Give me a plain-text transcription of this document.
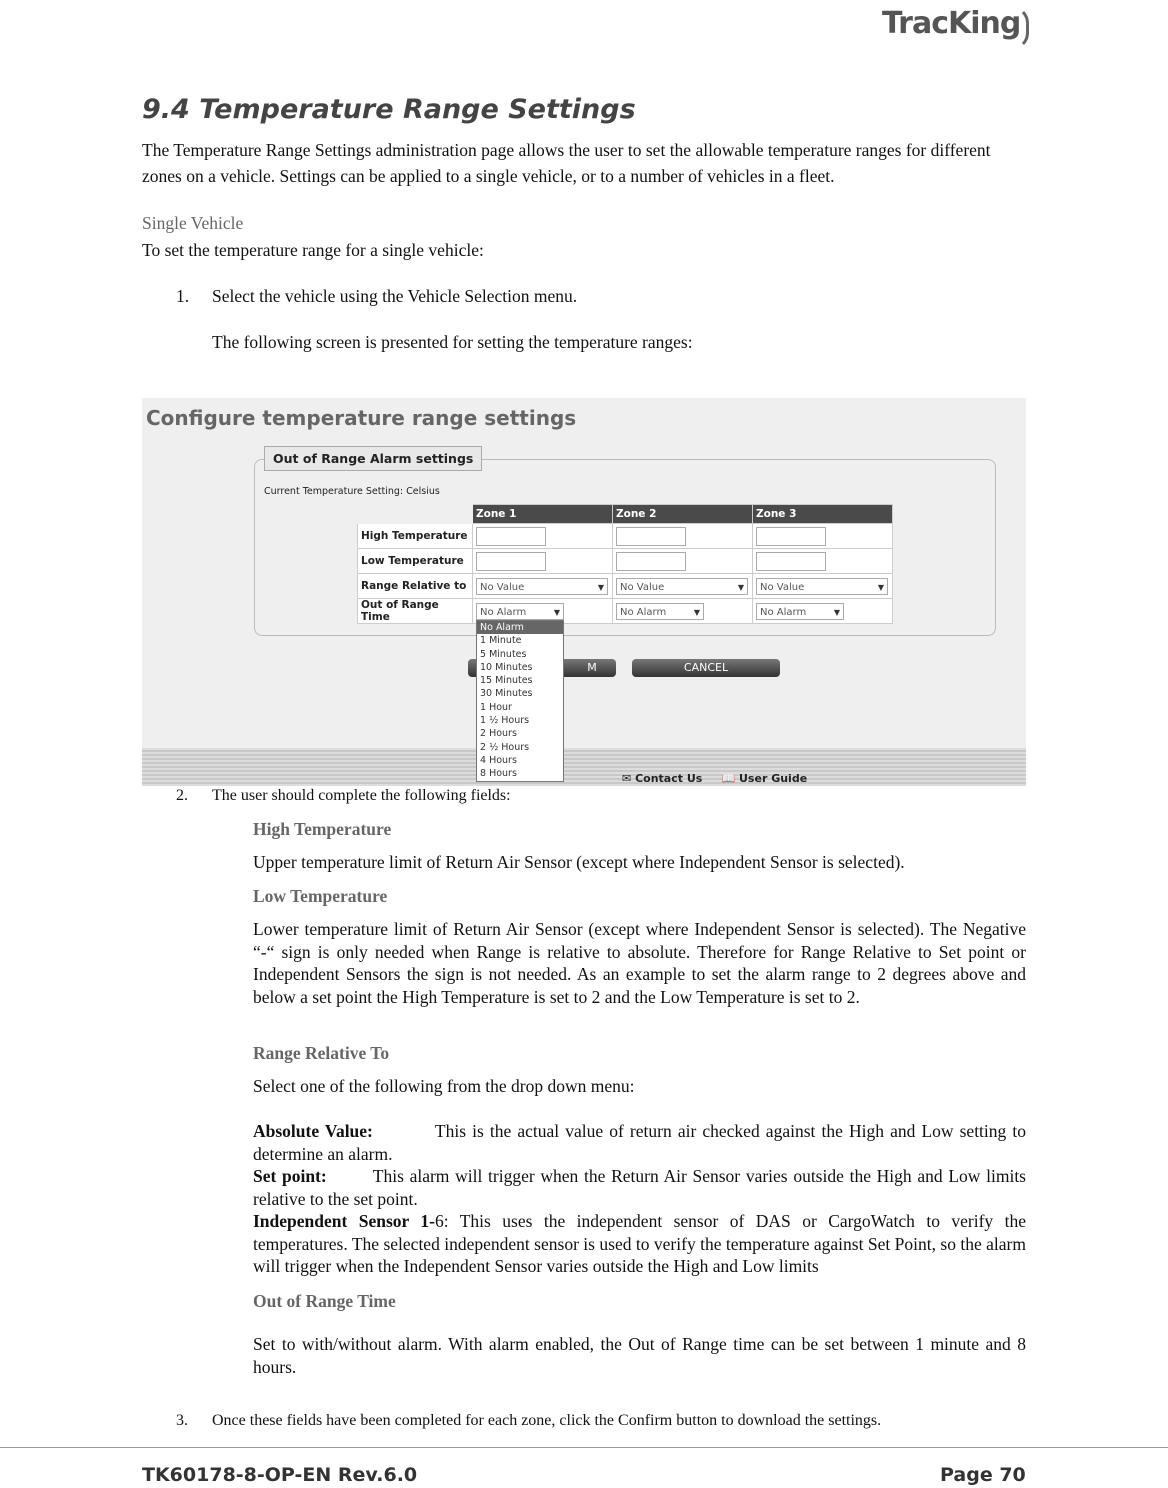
TracKing
9.4 Temperature Range Settings
The Temperature Range Settings administration page allows the user to set the allowable temperature ranges for different zones on a vehicle. Settings can be applied to a single vehicle, or to a number of vehicles in a fleet.
Single Vehicle
To set the temperature range for a single vehicle:
1. Select the vehicle using the Vehicle Selection menu.
The following screen is presented for setting the temperature ranges:
Configure temperature range settings
Out of Range Alarm settings
Current Temperature Setting: Celsius
	Zone 1	Zone 2	Zone 3
High Temperature	

Low Temperature	

Range Relative to	No Value ▼	No Value ▼	No Value ▼

Out of Range Time	No Alarm ▼	No Alarm ▼	No Alarm ▼
M	CANCEL
✉ Contact Us 📖 User Guide
No Alarm
1 Minute
5 Minutes
10 Minutes
15 Minutes
30 Minutes
1 Hour
1 ½ Hours
2 Hours
2 ½ Hours
4 Hours
8 Hours
2. The user should complete the following fields:
High Temperature
Upper temperature limit of Return Air Sensor (except where Independent Sensor is selected).
Low Temperature
Lower temperature limit of Return Air Sensor (except where Independent Sensor is selected). The Negative “-“ sign is only needed when Range is relative to absolute. Therefore for Range Relative to Set point or Independent Sensors the sign is not needed. As an example to set the alarm range to 2 degrees above and below a set point the High Temperature is set to 2 and the Low Temperature is set to 2.
Range Relative To
Select one of the following from the drop down menu:
Absolute Value:	This is the actual value of return air checked against the High and Low setting to determine an alarm.
Set point:	This alarm will trigger when the Return Air Sensor varies outside the High and Low limits relative to the set point.
Independent Sensor 1-6: This uses the independent sensor of DAS or CargoWatch to verify the temperatures. The selected independent sensor is used to verify the temperature against Set Point, so the alarm will trigger when the Independent Sensor varies outside the High and Low limits
Out of Range Time
Set to with/without alarm. With alarm enabled, the Out of Range time can be set between 1 minute and 8 hours.
3. Once these fields have been completed for each zone, click the Confirm button to download the settings.
TK60178-8-OP-EN Rev.6.0	Page 70
